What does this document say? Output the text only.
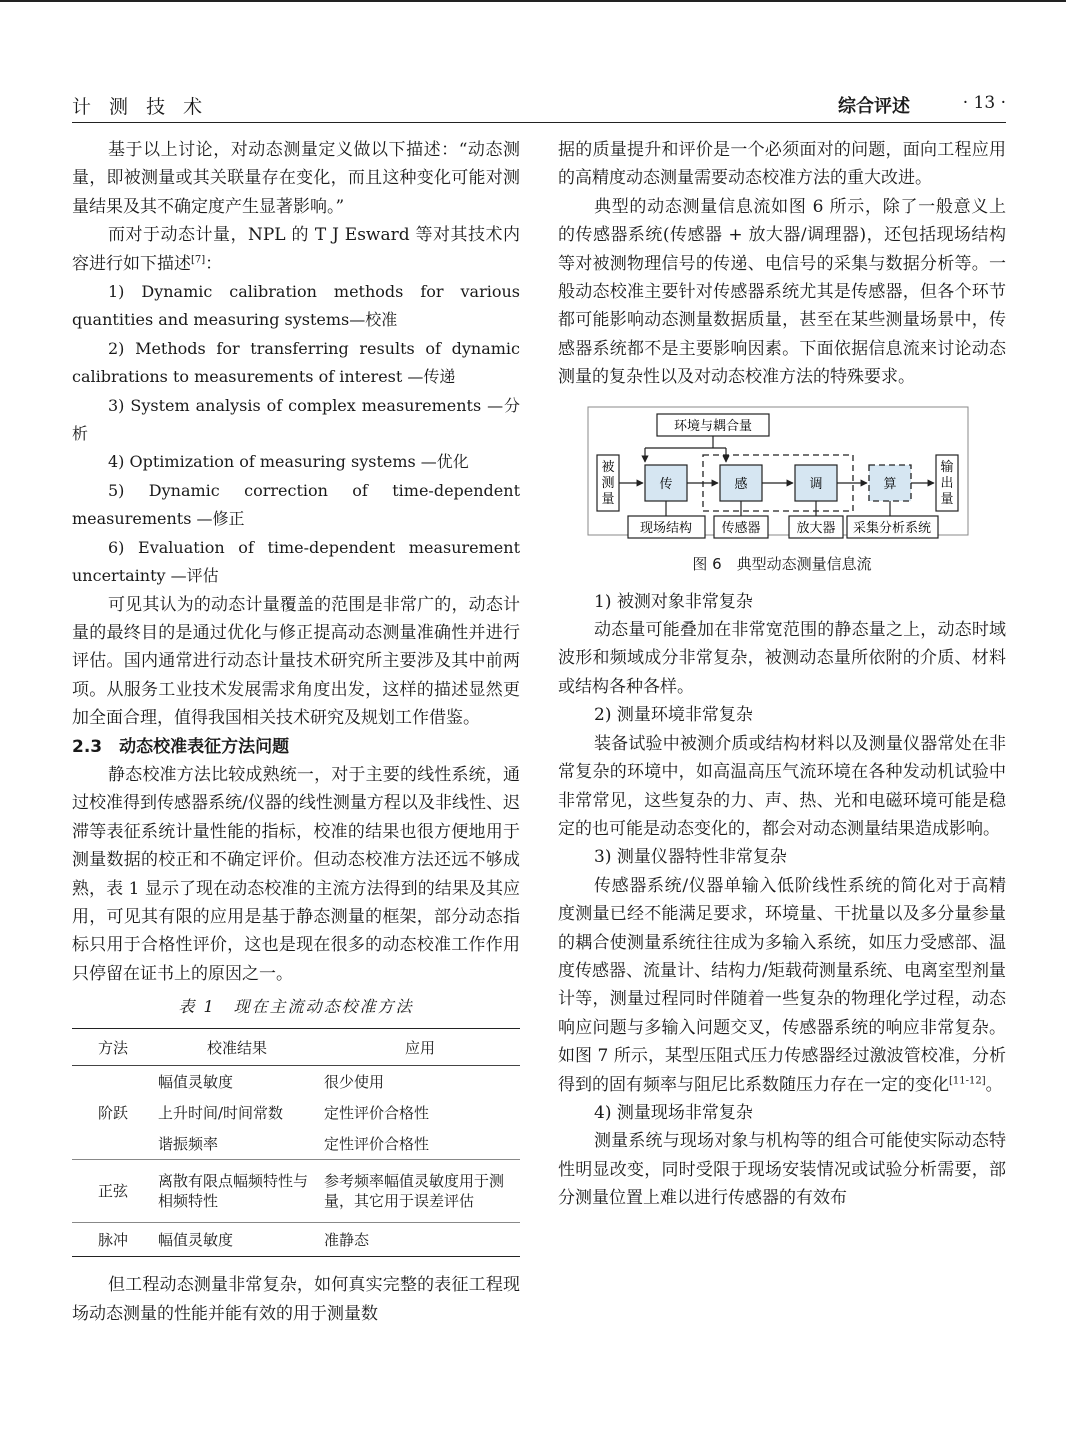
计 测 技 术	综合评述	· 13 ·

基于以上讨论，对动态测量定义做以下描述：“动态测量，即被测量或其关联量存在变化，而且这种变化可能对测量结果及其不确定度产生显著影响。”

而对于动态计量，NPL 的 T J Esward 等对其技术内容进行如下描述[7]：

1) Dynamic calibration methods for various quantities and measuring systems—校准

2) Methods for transferring results of dynamic calibrations to measurements of interest —传递

3) System analysis of complex measurements —分析

4) Optimization of measuring systems —优化

5) Dynamic correction of time-dependent measurements —修正

6) Evaluation of time-dependent measurement uncertainty —评估

可见其认为的动态计量覆盖的范围是非常广的，动态计量的最终目的是通过优化与修正提高动态测量准确性并进行评估。国内通常进行动态计量技术研究所主要涉及其中前两项。从服务工业技术发展需求角度出发，这样的描述显然更加全面合理，值得我国相关技术研究及规划工作借鉴。

2.3　动态校准表征方法问题

静态校准方法比较成熟统一，对于主要的线性系统，通过校准得到传感器系统/仪器的线性测量方程以及非线性、迟滞等表征系统计量性能的指标，校准的结果也很方便地用于测量数据的校正和不确定评价。但动态校准方法还远不够成熟，表 1 显示了现在动态校准的主流方法得到的结果及其应用，可见其有限的应用是基于静态测量的框架，部分动态指标只用于合格性评价，这也是现在很多的动态校准工作作用只停留在证书上的原因之一。

表 1　现在主流动态校准方法
方法	校准结果	应用
阶跃	幅值灵敏度	很少使用
	上升时间/时间常数	定性评价合格性
	谐振频率	定性评价合格性
正弦	离散有限点幅频特性与相频特性	参考频率幅值灵敏度用于测量，其它用于误差评估
脉冲	幅值灵敏度	准静态

但工程动态测量非常复杂，如何真实完整的表征工程现场动态测量的性能并能有效的用于测量数

据的质量提升和评价是一个必须面对的问题，面向工程应用的高精度动态测量需要动态校准方法的重大改进。

典型的动态测量信息流如图 6 所示，除了一般意义上的传感器系统(传感器 + 放大器/调理器)，还包括现场结构等对被测物理信号的传递、电信号的采集与数据分析等。一般动态校准主要针对传感器系统尤其是传感器，但各个环节都可能影响动态测量数据质量，甚至在某些测量场景中，传感器系统都不是主要影响因素。下面依据信息流来讨论动态测量的复杂性以及对动态校准方法的特殊要求。

环境与耦合量
被
测
量
传	感	调	算
输
出
量
现场结构 传感器	放大器 采集分析系统
图 6　典型动态测量信息流

1) 被测对象非常复杂

动态量可能叠加在非常宽范围的静态量之上，动态时域波形和频域成分非常复杂，被测动态量所依附的介质、材料或结构各种各样。

2) 测量环境非常复杂

装备试验中被测介质或结构材料以及测量仪器常处在非常复杂的环境中，如高温高压气流环境在各种发动机试验中非常常见，这些复杂的力、声、热、光和电磁环境可能是稳定的也可能是动态变化的，都会对动态测量结果造成影响。

3) 测量仪器特性非常复杂

传感器系统/仪器单输入低阶线性系统的简化对于高精度测量已经不能满足要求，环境量、干扰量以及多分量参量的耦合使测量系统往往成为多输入系统，如压力受感部、温度传感器、流量计、结构力/矩载荷测量系统、电离室型剂量计等，测量过程同时伴随着一些复杂的物理化学过程，动态响应问题与多输入问题交叉，传感器系统的响应非常复杂。如图 7 所示，某型压阻式压力传感器经过激波管校准，分析得到的固有频率与阻尼比系数随压力存在一定的变化[11-12]。

4) 测量现场非常复杂

测量系统与现场对象与机构等的组合可能使实际动态特性明显改变，同时受限于现场安装情况或试验分析需要，部分测量位置上难以进行传感器的有效布
